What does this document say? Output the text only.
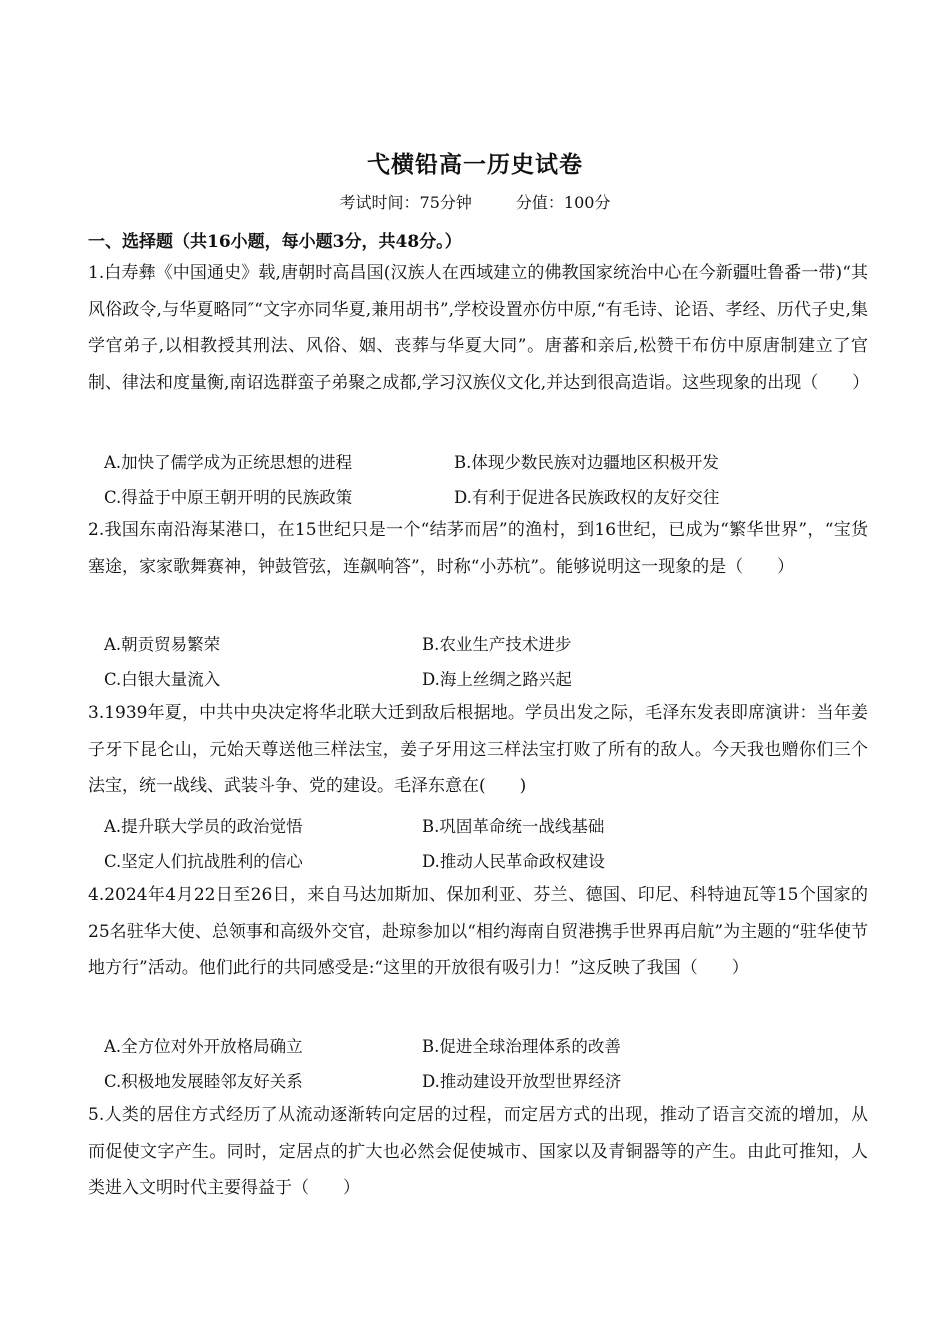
弋横铅高一历史试卷
考试时间：75分钟	分值：100分
一、选择题（共16小题，每小题3分，共48分。）
1.白寿彝《中国通史》载,唐朝时高昌国(汉族人在西域建立的佛教国家统治中心在今新疆吐鲁番一带)“其风俗政令,与华夏略同″“文字亦同华夏,兼用胡书”,学校设置亦仿中原,“有毛诗、论语、孝经、历代子史,集学官弟子,以相教授其刑法、风俗、姻、丧葬与华夏大同”。唐蕃和亲后,松赞干布仿中原唐制建立了官制、律法和度量衡,南诏选群蛮子弟聚之成都,学习汉族仪文化,并达到很高造诣。这些现象的出现（　　）
A.加快了儒学成为正统思想的进程	B.体现少数民族对边疆地区积极开发
C.得益于中原王朝开明的民族政策	D.有利于促进各民族政权的友好交往
2.我国东南沿海某港口，在15世纪只是一个“结茅而居”的渔村，到16世纪，已成为“繁华世界”，“宝货塞途，家家歌舞赛神，钟鼓管弦，连飙响答”，时称“小苏杭”。能够说明这一现象的是（　　）
A.朝贡贸易繁荣	B.农业生产技术进步
C.白银大量流入	D.海上丝绸之路兴起
3.1939年夏，中共中央决定将华北联大迁到敌后根据地。学员出发之际，毛泽东发表即席演讲：当年姜子牙下昆仑山，元始天尊送他三样法宝，姜子牙用这三样法宝打败了所有的敌人。今天我也赠你们三个法宝，统一战线、武装斗争、党的建设。毛泽东意在(　　)
A.提升联大学员的政治觉悟	B.巩固革命统一战线基础
C.坚定人们抗战胜利的信心	D.推动人民革命政权建设
4.2024年4月22日至26日，来自马达加斯加、保加利亚、芬兰、德国、印尼、科特迪瓦等15个国家的25名驻华大使、总领事和高级外交官，赴琼参加以“相约海南自贸港携手世界再启航”为主题的“驻华使节地方行”活动。他们此行的共同感受是:“这里的开放很有吸引力！”这反映了我国（　　）
A.全方位对外开放格局确立	B.促进全球治理体系的改善
C.积极地发展睦邻友好关系	D.推动建设开放型世界经济
5.人类的居住方式经历了从流动逐渐转向定居的过程，而定居方式的出现，推动了语言交流的增加，从而促使文字产生。同时，定居点的扩大也必然会促使城市、国家以及青铜器等的产生。由此可推知，人类进入文明时代主要得益于（　　）
